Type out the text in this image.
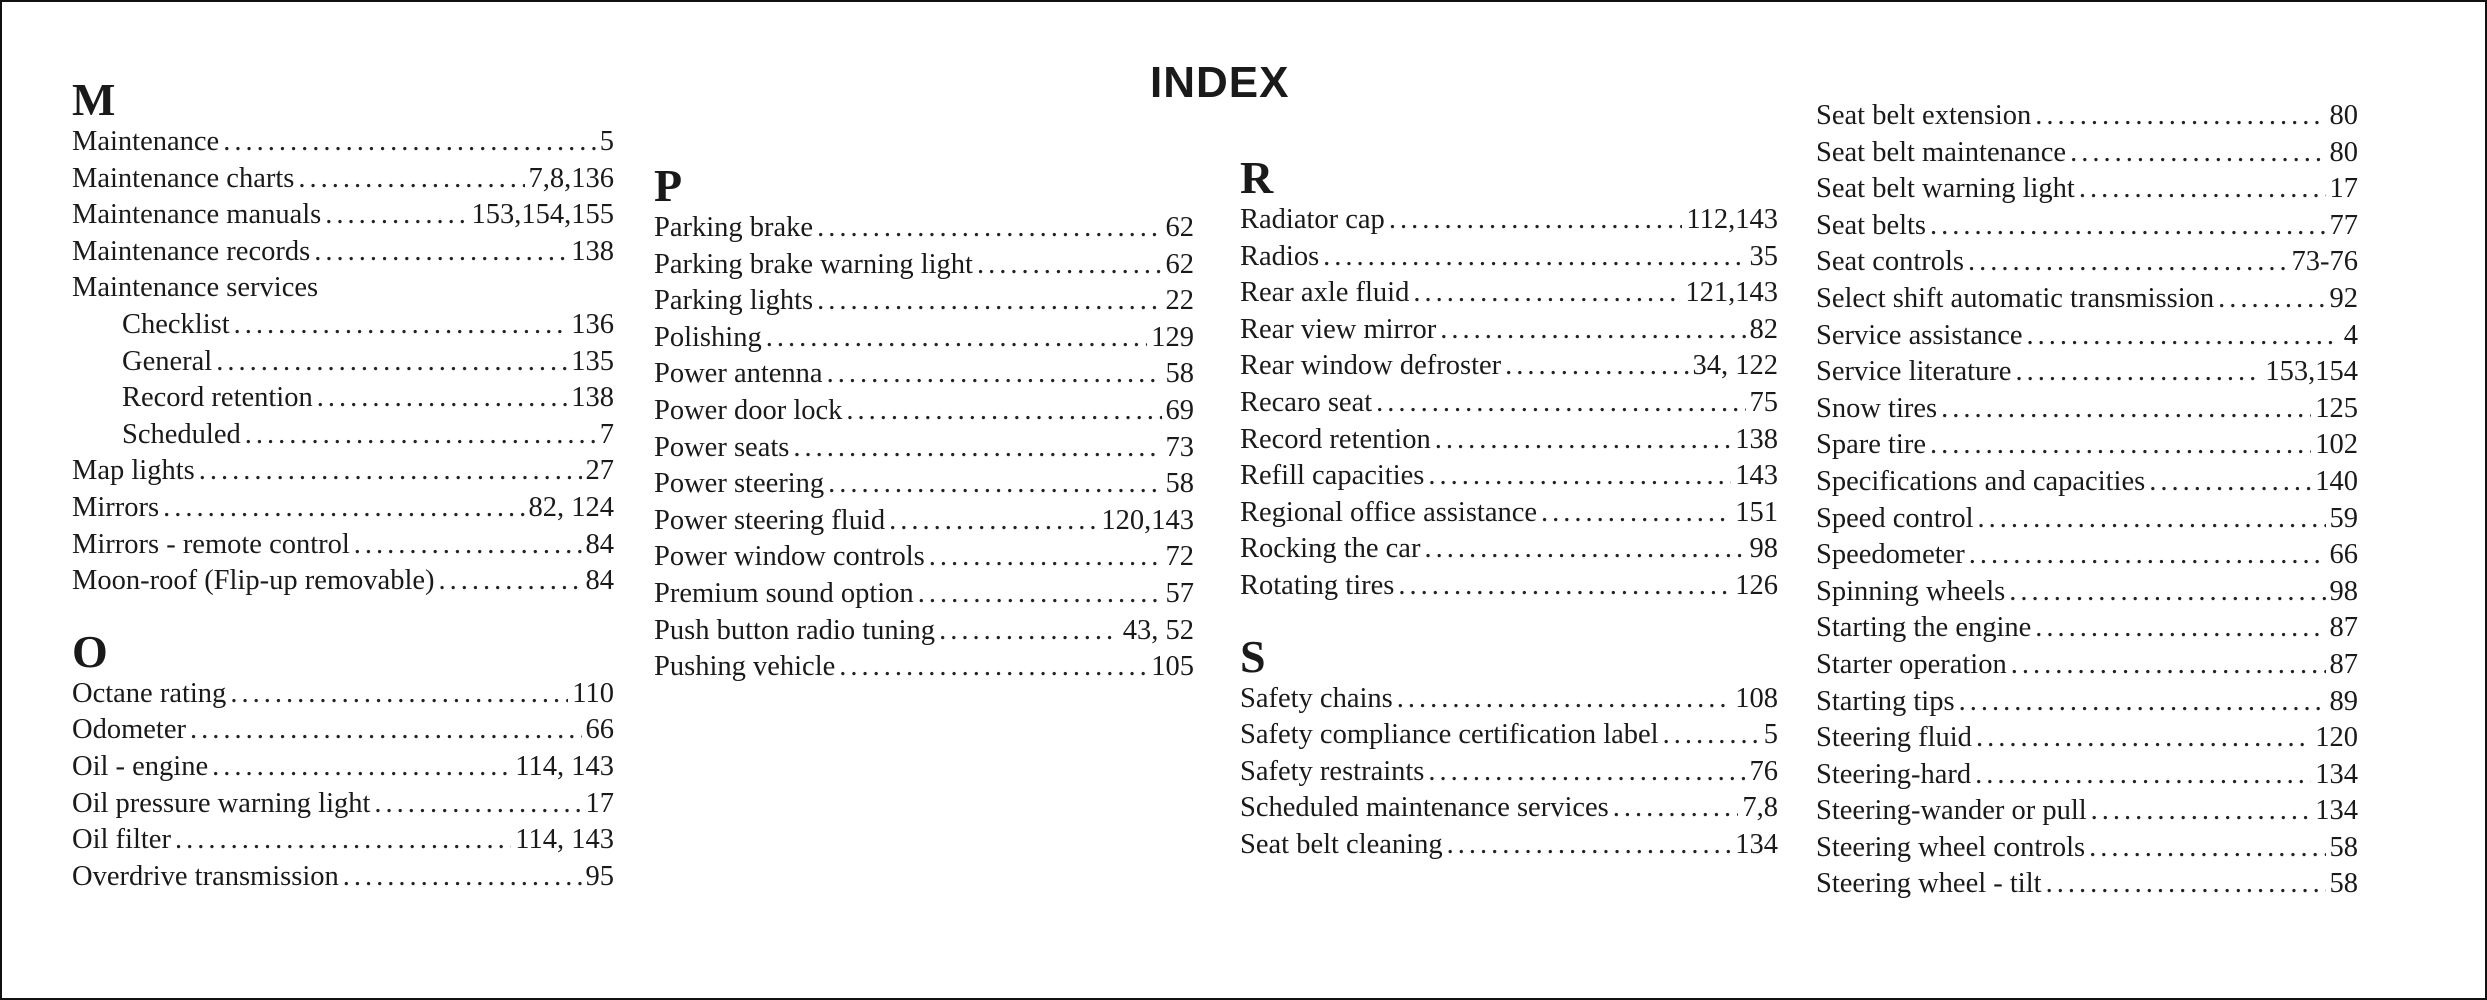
INDEX
M
Maintenance .....	5
Maintenance charts .....	7,8,136
Maintenance manuals .....	153,154,155
Maintenance records .....	138
Maintenance services
Checklist .....	136
General .....	135
Record retention .....	138
Scheduled .....	7
Map lights .....	27
Mirrors .....	82, 124
Mirrors - remote control .....	84
Moon-roof (Flip-up removable) .....	84
O
Octane rating .....	110
Odometer .....	66
Oil - engine .....	114, 143
Oil pressure warning light .....	17
Oil filter .....	114, 143
Overdrive transmission .....	95
P
Parking brake .....	62
Parking brake warning light .....	62
Parking lights .....	22
Polishing .....	129
Power antenna .....	58
Power door lock .....	69
Power seats .....	73
Power steering .....	58
Power steering fluid .....	120,143
Power window controls .....	72
Premium sound option .....	57
Push button radio tuning .....	43, 52
Pushing vehicle .....	105
R
Radiator cap .....	112,143
Radios .....	35
Rear axle fluid .....	121,143
Rear view mirror .....	82
Rear window defroster .....	34, 122
Recaro seat .....	75
Record retention .....	138
Refill capacities .....	143
Regional office assistance .....	151
Rocking the car .....	98
Rotating tires .....	126
S
Safety chains .....	108
Safety compliance certification label .....	5
Safety restraints .....	76
Scheduled maintenance services .....	7,8
Seat belt cleaning .....	134
Seat belt extension .....	80
Seat belt maintenance .....	80
Seat belt warning light .....	17
Seat belts .....	77
Seat controls .....	73-76
Select shift automatic transmission .....	92
Service assistance .....	4
Service literature .....	153,154
Snow tires .....	125
Spare tire .....	102
Specifications and capacities .....	140
Speed control .....	59
Speedometer .....	66
Spinning wheels .....	98
Starting the engine .....	87
Starter operation .....	87
Starting tips .....	89
Steering fluid .....	120
Steering-hard .....	134
Steering-wander or pull .....	134
Steering wheel controls .....	58
Steering wheel - tilt .....	58
